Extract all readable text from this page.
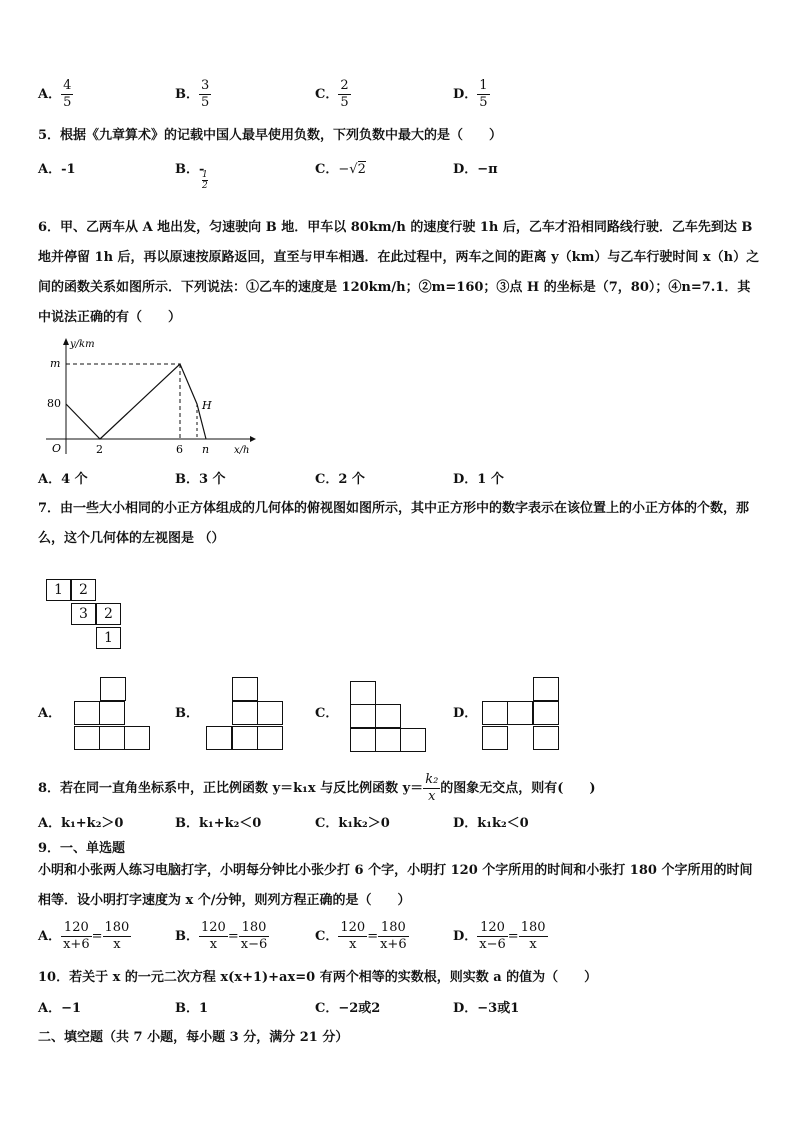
A． $\frac{4}{5}$	B． $\frac{3}{5}$	C． $\frac{2}{5}$	D． $\frac{1}{5}$
5．根据《九章算术》的记载中国人最早使用负数，下列负数中最大的是（　　）
A．-1	B．-
$\frac{1}{2}$
C．−√2	D．−π
6．甲、乙两车从 A 地出发，匀速驶向 B 地．甲车以 80km/h 的速度行驶 1h 后，乙车才沿相同路线行驶．乙车先到达 B 地并停留 1h 后，再以原速按原路返回，直至与甲车相遇．在此过程中，两车之间的距离 y（km）与乙车行驶时间 x（h）之间的函数关系如图所示．下列说法：①乙车的速度是 120km/h；②m=160；③点 H 的坐标是（7，80）；④n=7.1．其中说法正确的有（　　）
y/km
m
80
O	2	6 n
H
x/h
A．4 个	B．3 个	C．2 个	D．1 个
7．由一些大小相同的小正方体组成的几何体的俯视图如图所示，其中正方形中的数字表示在该位置上的小正方体的个数，那么，这个几何体的左视图是 （）
1	2
3	2
1
A．	B．	C．	D．
8．若在同一直角坐标系中，正比例函数 y＝k₁x 与反比例函数 $y= \frac{\text{k₂}}{x}$ 的图象无交点，则有(　　)
A．k₁+k₂＞0	B．k₁+k₂＜0	C．k₁k₂＞0	D．k₁k₂＜0
9．一、单选题
小明和小张两人练习电脑打字，小明每分钟比小张少打 6 个字，小明打 120 个字所用的时间和小张打 180 个字所用的时间相等．设小明打字速度为 x 个/分钟，则列方程正确的是（　　）
A． $\frac{120}{x+6} = \frac{180}{x}$	B． $\frac{120}{x} = \frac{180}{x-6}$	C． $\frac{120}{x} = \frac{180}{x+6}$	D． $\frac{120}{x-6} = \frac{180}{x}$
10．若关于 x 的一元二次方程 x(x+1)+ax=0 有两个相等的实数根，则实数 a 的值为（　　）
A．−1	B．1	C．−2或2	D．−3或1
二、填空题（共 7 小题，每小题 3 分，满分 21 分）
